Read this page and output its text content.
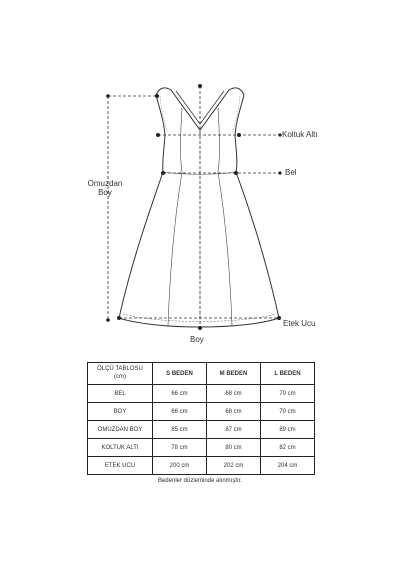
Koltuk Altı
Bel
Omuzdan
Boy
Etek Ucu
Boy
ÖLÇÜ TABLOSU
(cm)	S BEDEN	M BEDEN	L BEDEN
BEL	66 cm	68 cm	70 cm
BOY	66 cm	68 cm	70 cm
OMUZDAN BOY	85 cm	87 cm	89 cm
KOLTUK ALTI	78 cm	80 cm	82 cm
ETEK UCU	200 cm	202 cm	204 cm
Bedenler düzleminde alınmıştır.
